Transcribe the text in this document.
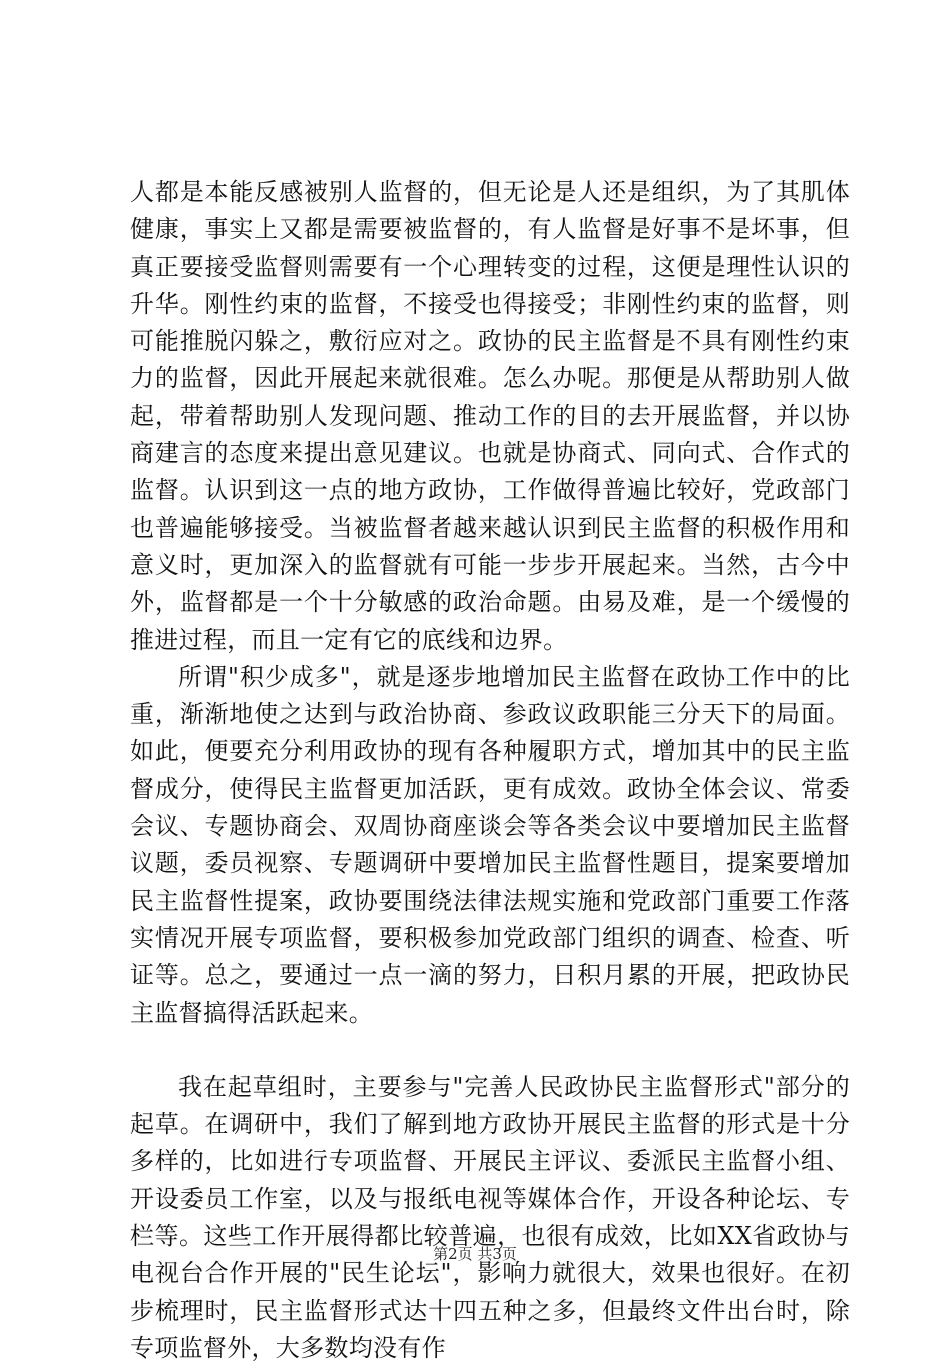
人都是本能反感被别人监督的，但无论是人还是组织，为了其肌体健康，事实上又都是需要被监督的，有人监督是好事不是坏事，但真正要接受监督则需要有一个心理转变的过程，这便是理性认识的升华。刚性约束的监督，不接受也得接受；非刚性约束的监督，则可能推脱闪躲之，敷衍应对之。政协的民主监督是不具有刚性约束力的监督，因此开展起来就很难。怎么办呢。那便是从帮助别人做起，带着帮助别人发现问题、推动工作的目的去开展监督，并以协商建言的态度来提出意见建议。也就是协商式、同向式、合作式的监督。认识到这一点的地方政协，工作做得普遍比较好，党政部门也普遍能够接受。当被监督者越来越认识到民主监督的积极作用和意义时，更加深入的监督就有可能一步步开展起来。当然，古今中外，监督都是一个十分敏感的政治命题。由易及难，是一个缓慢的推进过程，而且一定有它的底线和边界。

所谓"积少成多"，就是逐步地增加民主监督在政协工作中的比重，渐渐地使之达到与政治协商、参政议政职能三分天下的局面。如此，便要充分利用政协的现有各种履职方式，增加其中的民主监督成分，使得民主监督更加活跃，更有成效。政协全体会议、常委会议、专题协商会、双周协商座谈会等各类会议中要增加民主监督议题，委员视察、专题调研中要增加民主监督性题目，提案要增加民主监督性提案，政协要围绕法律法规实施和党政部门重要工作落实情况开展专项监督，要积极参加党政部门组织的调查、检查、听证等。总之，要通过一点一滴的努力，日积月累的开展，把政协民主监督搞得活跃起来。

我在起草组时，主要参与"完善人民政协民主监督形式"部分的起草。在调研中，我们了解到地方政协开展民主监督的形式是十分多样的，比如进行专项监督、开展民主评议、委派民主监督小组、开设委员工作室，以及与报纸电视等媒体合作，开设各种论坛、专栏等。这些工作开展得都比较普遍，也很有成效，比如XX省政协与电视台合作开展的"民生论坛"，影响力就很大，效果也很好。在初步梳理时，民主监督形式达十四五种之多，但最终文件出台时，除专项监督外，大多数均没有作

第2页 共3页
